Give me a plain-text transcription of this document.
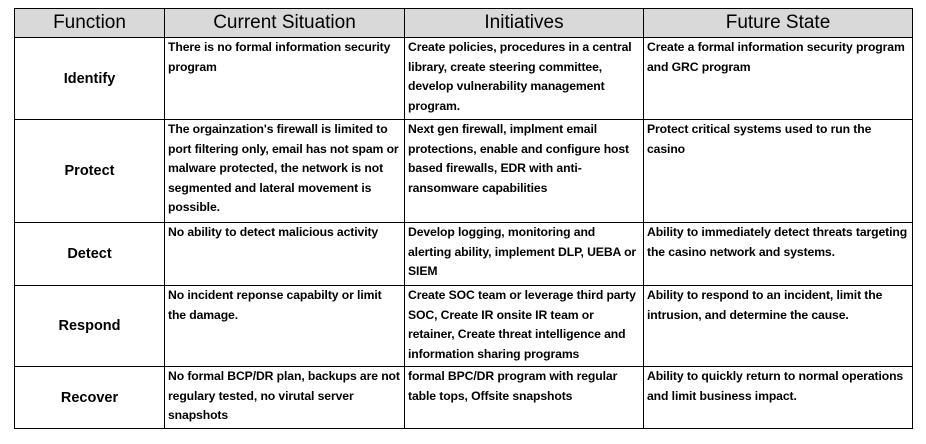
Function	Current Situation	Initiatives	Future State
Identify	There is no formal information security program	Create policies, procedures in a central library, create steering committee, develop vulnerability management program.	Create a formal information security program and GRC program
Protect	The orgainzation's firewall is limited to port filtering only, email has not spam or malware protected, the network is not segmented and lateral movement is possible.	Next gen firewall, implment email protections, enable and configure host based firewalls, EDR with anti-ransomware capabilities	Protect critical systems used to run the casino
Detect	No ability to detect malicious activity	Develop logging, monitoring and alerting ability, implement DLP, UEBA or SIEM	Ability to immediately detect threats targeting the casino network and systems.
Respond	No incident reponse capabilty or limit the damage.	Create SOC team or leverage third party SOC, Create IR onsite IR team or retainer, Create threat intelligence and information sharing programs	Ability to respond to an incident, limit the intrusion, and determine the cause.
Recover	No formal BCP/DR plan, backups are not regulary tested, no virutal server snapshots	formal BPC/DR program with regular table tops, Offsite snapshots	Ability to quickly return to normal operations and limit business impact.
